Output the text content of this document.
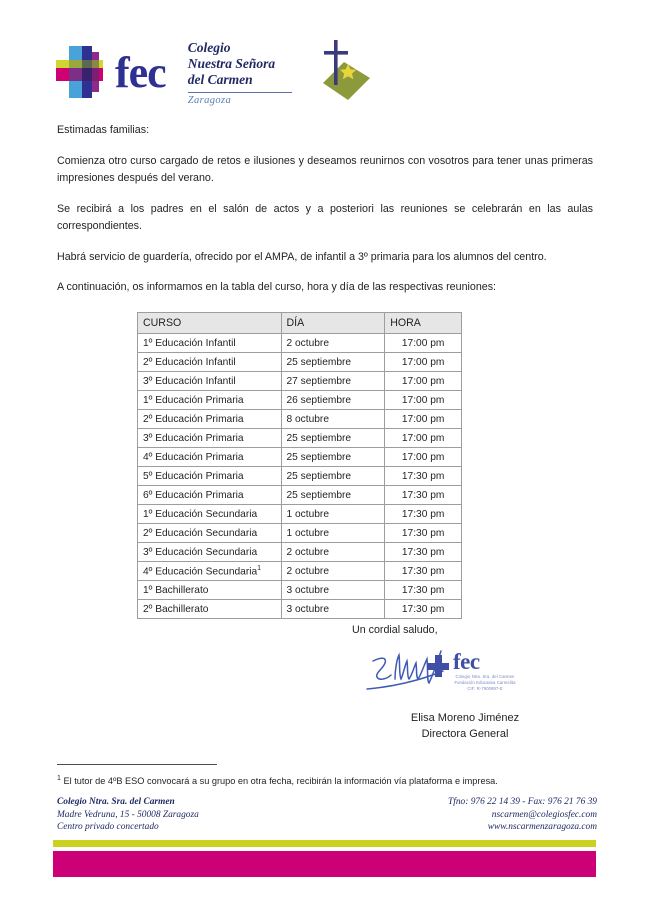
fec
Colegio
Nuestra Señora
del Carmen
Zaragoza

Estimadas familias:

Comienza otro curso cargado de retos e ilusiones y deseamos reunirnos con vosotros para tener unas primeras impresiones después del verano.

Se recibirá a los padres en el salón de actos y a posteriori las reuniones se celebrarán en las aulas correspondientes.

Habrá servicio de guardería, ofrecido por el AMPA, de infantil a 3º primaria para los alumnos del centro.

A continuación, os informamos en la tabla del curso, hora y día de las respectivas reuniones:

CURSO	DÍA	HORA
1º Educación Infantil	2 octubre	17:00 pm
2º Educación Infantil	25 septiembre	17:00 pm
3º Educación Infantil	27 septiembre	17:00 pm
1º Educación Primaria	26 septiembre	17:00 pm
2º Educación Primaria	8 octubre	17:00 pm
3º Educación Primaria	25 septiembre	17:00 pm
4º Educación Primaria	25 septiembre	17:00 pm
5º Educación Primaria	25 septiembre	17:30 pm
6º Educación Primaria	25 septiembre	17:30 pm
1º Educación Secundaria	1 octubre	17:30 pm
2º Educación Secundaria	1 octubre	17:30 pm
3º Educación Secundaria	2 octubre	17:30 pm
4º Educación Secundaria$^1$	2 octubre	17:30 pm
1º Bachillerato	3 octubre	17:30 pm
2º Bachillerato	3 octubre	17:30 pm
Un cordial saludo,
fec
Colegio Ntra. Sra. del Carmen
Fundación Educativa Carmelita
CIF: R-7900897-E
Elisa Moreno Jiménez
Directora General
$^1$ El tutor de 4ºB ESO convocará a su grupo en otra fecha, recibirán la información vía plataforma e impresa.
Colegio Ntra. Sra. del Carmen
Madre Vedruna, 15 - 50008 Zaragoza
Centro privado concertado
Tfno: 976 22 14 39 - Fax: 976 21 76 39
nscarmen@colegiosfec.com
www.nscarmenzaragoza.com
